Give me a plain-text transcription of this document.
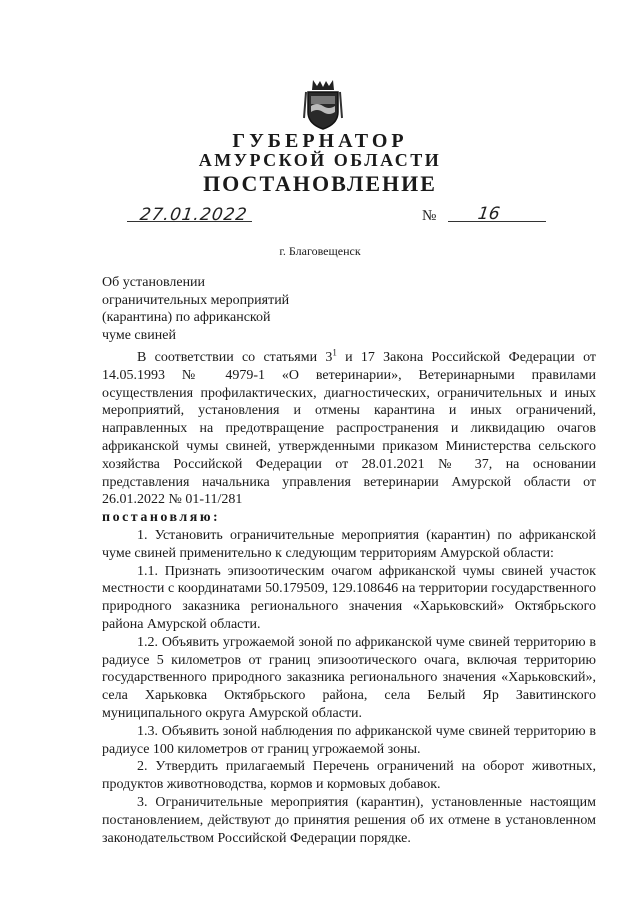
ГУБЕРНАТОР
АМУРСКОЙ ОБЛАСТИ
ПОСТАНОВЛЕНИЕ
27.01.2022	№ 16
г. Благовещенск
Об установлении
ограничительных мероприятий
(карантина) по африканской
чуме свиней

В соответствии со статьями $3^1$ и 17 Закона Российской Федерации от 14.05.1993 № 4979-1 «О ветеринарии», Ветеринарными правилами осуществления профилактических, диагностических, ограничительных и иных мероприятий, установления и отмены карантина и иных ограничений, направленных на предотвращение распространения и ликвидацию очагов африканской чумы свиней, утвержденными приказом Министерства сельского хозяйства Российской Федерации от 28.01.2021 № 37, на основании представления начальника управления ветеринарии Амурской области от 26.01.2022 № 01-11/281

постановляю:

1. Установить ограничительные мероприятия (карантин) по африканской чуме свиней применительно к следующим территориям Амурской области:

1.1. Признать эпизоотическим очагом африканской чумы свиней участок местности с координатами 50.179509, 129.108646 на территории государственного природного заказника регионального значения «Харьковский» Октябрьского района Амурской области.

1.2. Объявить угрожаемой зоной по африканской чуме свиней территорию в радиусе 5 километров от границ эпизоотического очага, включая территорию государственного природного заказника регионального значения «Харьковский», села Харьковка Октябрьского района, села Белый Яр Завитинского муниципального округа Амурской области.

1.3. Объявить зоной наблюдения по африканской чуме свиней территорию в радиусе 100 километров от границ угрожаемой зоны.

2. Утвердить прилагаемый Перечень ограничений на оборот животных, продуктов животноводства, кормов и кормовых добавок.

3. Ограничительные мероприятия (карантин), установленные настоящим постановлением, действуют до принятия решения об их отмене в установленном законодательством Российской Федерации порядке.
